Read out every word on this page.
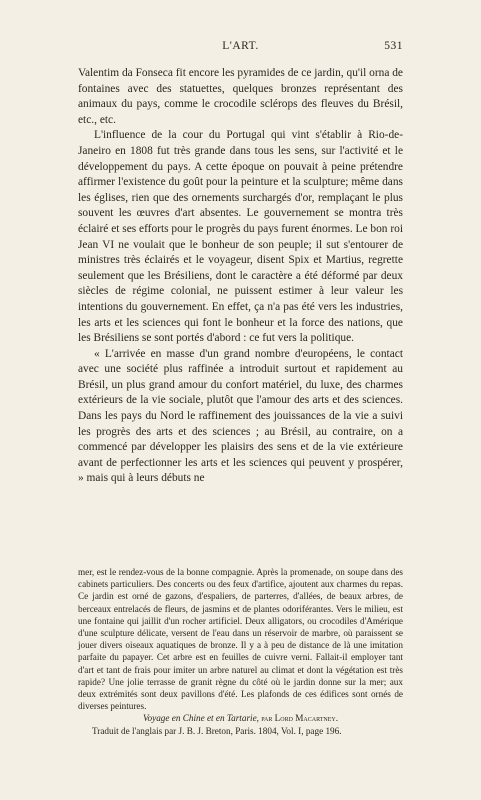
L'ART.	531

Valentim da Fonseca fit encore les pyramides de ce jardin, qu'il orna de fontaines avec des statuettes, quelques bronzes représentant des animaux du pays, comme le crocodile sclérops des fleuves du Brésil, etc., etc.

L'influence de la cour du Portugal qui vint s'établir à Rio-de-Janeiro en 1808 fut très grande dans tous les sens, sur l'activité et le développement du pays. A cette époque on pouvait à peine prétendre affirmer l'existence du goût pour la peinture et la sculpture; même dans les églises, rien que des ornements surchargés d'or, remplaçant le plus souvent les œuvres d'art absentes. Le gouvernement se montra très éclairé et ses efforts pour le progrès du pays furent énormes. Le bon roi Jean VI ne voulait que le bonheur de son peuple; il sut s'entourer de ministres très éclairés et le voyageur, disent Spix et Martius, regrette seulement que les Brésiliens, dont le caractère a été déformé par deux siècles de régime colonial, ne puissent estimer à leur valeur les intentions du gouvernement. En effet, ça n'a pas été vers les industries, les arts et les sciences qui font le bonheur et la force des nations, que les Brésiliens se sont portés d'abord : ce fut vers la politique.

« L'arrivée en masse d'un grand nombre d'européens, le contact avec une société plus raffinée a introduit surtout et rapidement au Brésil, un plus grand amour du confort matériel, du luxe, des charmes extérieurs de la vie sociale, plutôt que l'amour des arts et des sciences. Dans les pays du Nord le raffinement des jouissances de la vie a suivi les progrès des arts et des sciences ; au Brésil, au contraire, on a commencé par développer les plaisirs des sens et de la vie extérieure avant de perfectionner les arts et les sciences qui peuvent y prospérer, » mais qui à leurs débuts ne

mer, est le rendez-vous de la bonne compagnie. Après la promenade, on soupe dans des cabinets particuliers. Des concerts ou des feux d'artifice, ajoutent aux charmes du repas. Ce jardin est orné de gazons, d'espaliers, de parterres, d'allées, de beaux arbres, de berceaux entrelacés de fleurs, de jasmins et de plantes odoriférantes. Vers le milieu, est une fontaine qui jaillit d'un rocher artificiel. Deux alligators, ou crocodiles d'Amérique d'une sculpture délicate, versent de l'eau dans un réservoir de marbre, où paraissent se jouer divers oiseaux aquatiques de bronze. Il y a à peu de distance de là une imitation parfaite du papayer. Cet arbre est en feuilles de cuivre verni. Fallait-il employer tant d'art et tant de frais pour imiter un arbre naturel au climat et dont la végétation est très rapide? Une jolie terrasse de granit règne du côté où le jardin donne sur la mer; aux deux extrémités sont deux pavillons d'été. Les plafonds de ces édifices sont ornés de diverses peintures.

Voyage en Chine et en Tartarie, par Lord Macartney.

Traduit de l'anglais par J. B. J. Breton, Paris. 1804, Vol. I, page 196.
